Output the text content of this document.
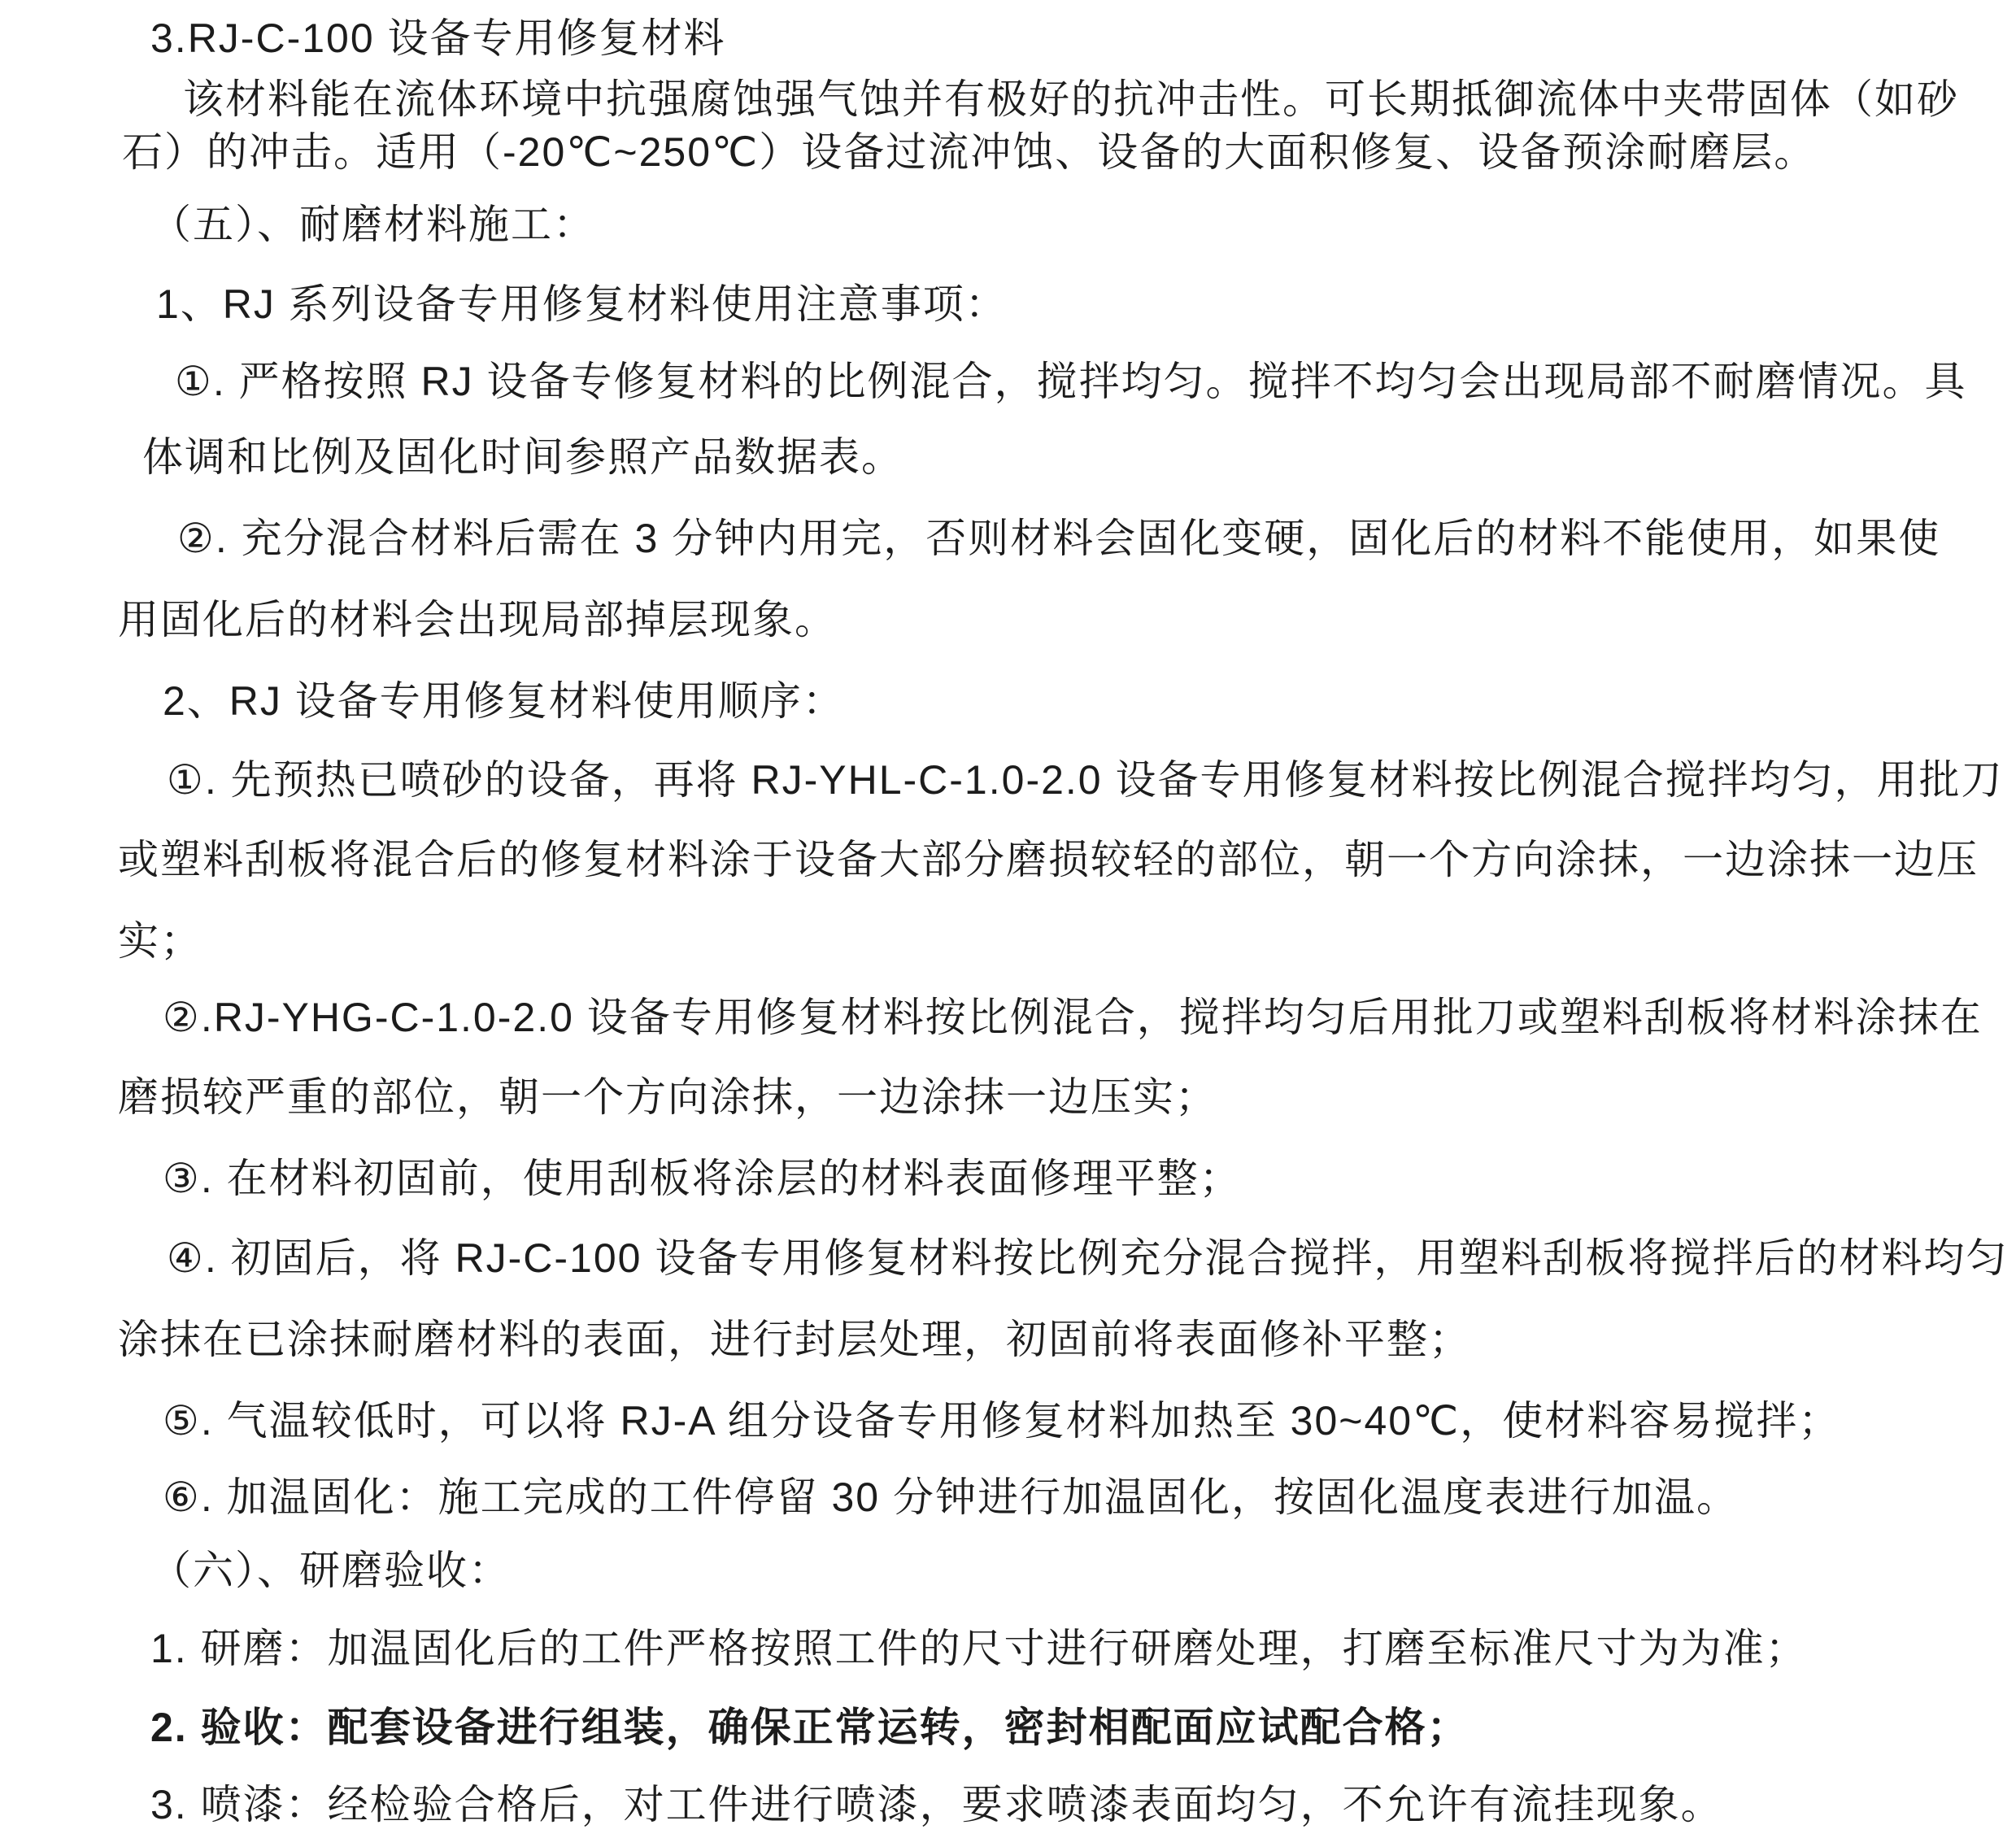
3.RJ-C-100 设备专用修复材料
该材料能在流体环境中抗强腐蚀强气蚀并有极好的抗冲击性。可长期抵御流体中夹带固体（如砂
石）的冲击。适用（-20℃~250℃）设备过流冲蚀、设备的大面积修复、设备预涂耐磨层。
（五）、耐磨材料施工：
1、RJ 系列设备专用修复材料使用注意事项：
①. 严格按照 RJ 设备专修复材料的比例混合，搅拌均匀。搅拌不均匀会出现局部不耐磨情况。具
体调和比例及固化时间参照产品数据表。
②. 充分混合材料后需在 3 分钟内用完，否则材料会固化变硬，固化后的材料不能使用，如果使
用固化后的材料会出现局部掉层现象。
2、RJ 设备专用修复材料使用顺序：
①. 先预热已喷砂的设备，再将 RJ-YHL-C-1.0-2.0 设备专用修复材料按比例混合搅拌均匀，用批刀
或塑料刮板将混合后的修复材料涂于设备大部分磨损较轻的部位，朝一个方向涂抹，一边涂抹一边压
实；
②.RJ-YHG-C-1.0-2.0 设备专用修复材料按比例混合，搅拌均匀后用批刀或塑料刮板将材料涂抹在
磨损较严重的部位，朝一个方向涂抹，一边涂抹一边压实；
③. 在材料初固前，使用刮板将涂层的材料表面修理平整；
④. 初固后，将 RJ-C-100 设备专用修复材料按比例充分混合搅拌，用塑料刮板将搅拌后的材料均匀
涂抹在已涂抹耐磨材料的表面，进行封层处理，初固前将表面修补平整；
⑤. 气温较低时，可以将 RJ-A 组分设备专用修复材料加热至 30~40℃，使材料容易搅拌；
⑥. 加温固化：施工完成的工件停留 30 分钟进行加温固化，按固化温度表进行加温。
（六）、研磨验收：
1. 研磨：加温固化后的工件严格按照工件的尺寸进行研磨处理，打磨至标准尺寸为为准；
2. 验收：配套设备进行组装，确保正常运转，密封相配面应试配合格；
3. 喷漆：经检验合格后，对工件进行喷漆，要求喷漆表面均匀，不允许有流挂现象。
